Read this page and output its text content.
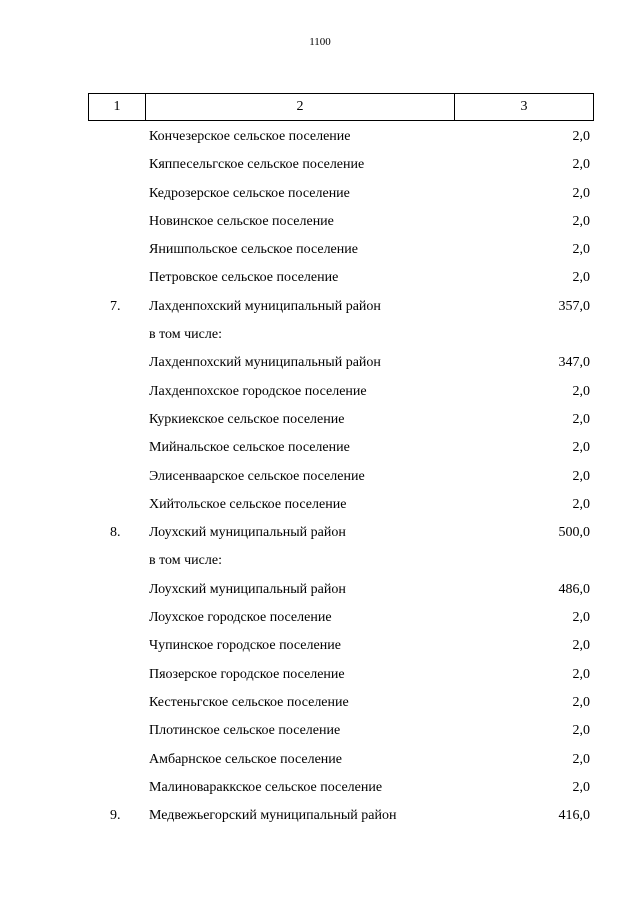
1100
1	2	3
Кончезерское сельское поселение	2,0
Кяппесельгское сельское поселение	2,0
Кедрозерское сельское поселение	2,0
Новинское сельское поселение	2,0
Янишпольское сельское поселение	2,0
Петровское сельское поселение	2,0
7. Лахденпохский муниципальный район	357,0
в том числе:
Лахденпохский муниципальный район	347,0
Лахденпохское городское поселение	2,0
Куркиекское сельское поселение	2,0
Мийнальское сельское поселение	2,0
Элисенваарское сельское поселение	2,0
Хийтольское сельское поселение	2,0
8. Лоухский муниципальный район	500,0
в том числе:
Лоухский муниципальный район	486,0
Лоухское городское поселение	2,0
Чупинское городское поселение	2,0
Пяозерское городское поселение	2,0
Кестеньгское сельское поселение	2,0
Плотинское сельское поселение	2,0
Амбарнское сельское поселение	2,0
Малиновараккское сельское поселение	2,0
9. Медвежьегорский муниципальный район	416,0
